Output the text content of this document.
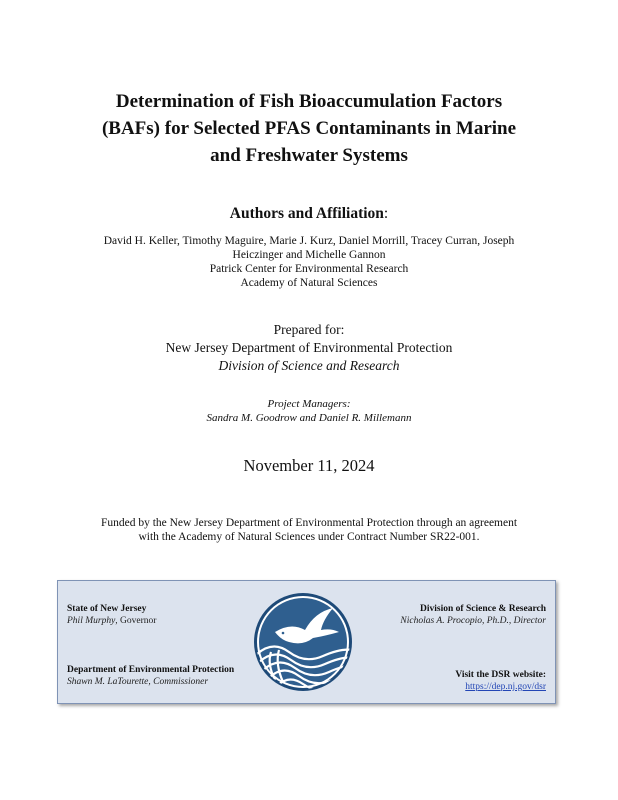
Determination of Fish Bioaccumulation Factors
(BAFs) for Selected PFAS Contaminants in Marine
and Freshwater Systems
Authors and Affiliation:
David H. Keller, Timothy Maguire, Marie J. Kurz, Daniel Morrill, Tracey Curran, Joseph
Heiczinger and Michelle Gannon
Patrick Center for Environmental Research
Academy of Natural Sciences
Prepared for:
New Jersey Department of Environmental Protection
Division of Science and Research
Project Managers:
Sandra M. Goodrow and Daniel R. Millemann
November 11, 2024
Funded by the New Jersey Department of Environmental Protection through an agreement
with the Academy of Natural Sciences under Contract Number SR22-001.
State of New Jersey
Phil Murphy, Governor
Department of Environmental Protection
Shawn M. LaTourette, Commissioner
Division of Science & Research
Nicholas A. Procopio, Ph.D., Director
Visit the DSR website:
https://dep.nj.gov/dsr
